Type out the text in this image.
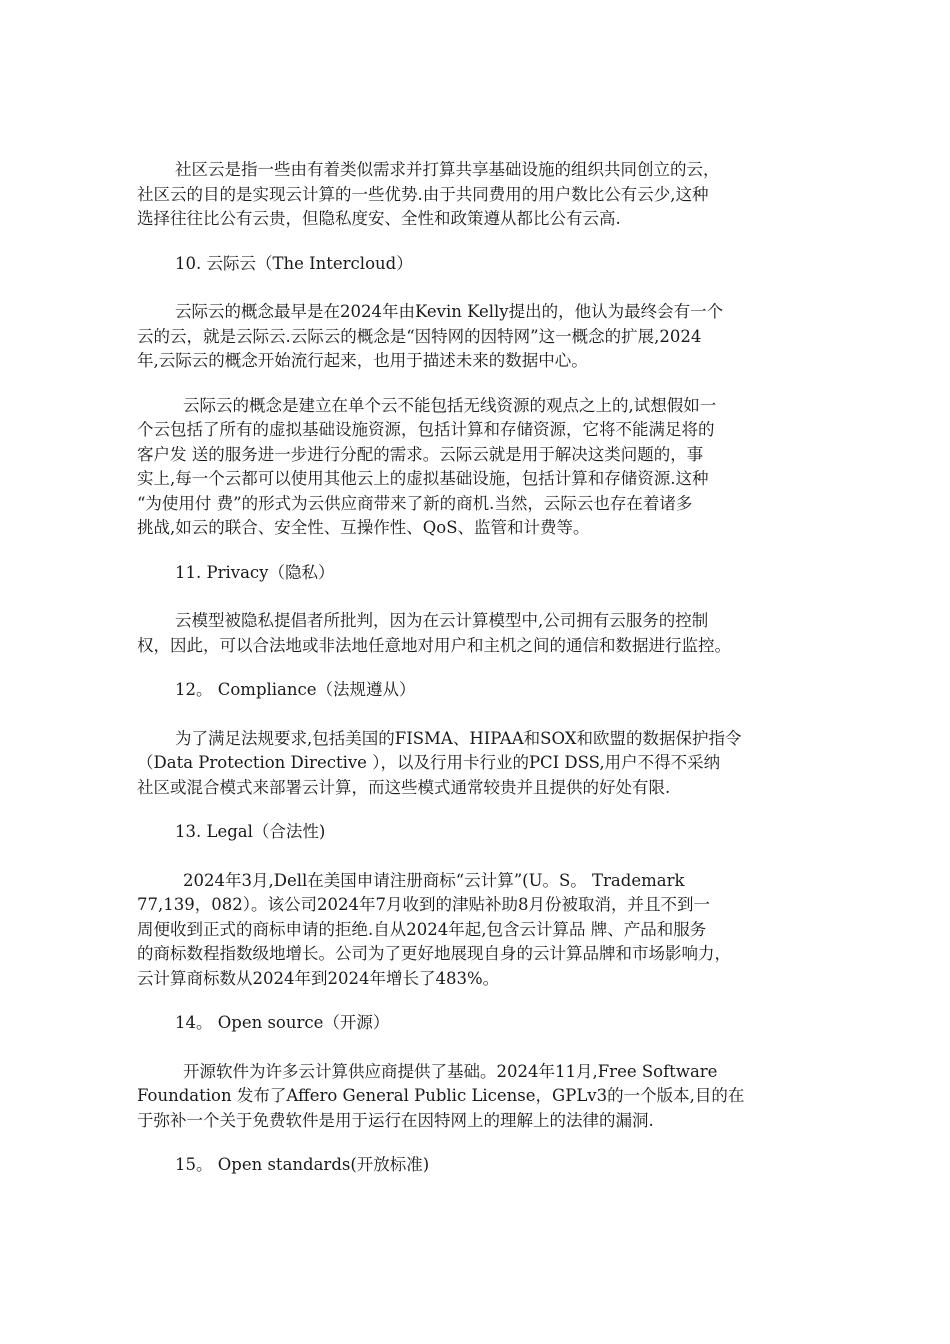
社区云是指一些由有着类似需求并打算共享基础设施的组织共同创立的云，
社区云的目的是实现云计算的一些优势.由于共同费用的用户数比公有云少,这种
选择往往比公有云贵，但隐私度安、全性和政策遵从都比公有云高.

10. 云际云（The Intercloud）

云际云的概念最早是在2024年由Kevin Kelly提出的，他认为最终会有一个
云的云，就是云际云.云际云的概念是“因特网的因特网”这一概念的扩展,2024
年,云际云的概念开始流行起来，也用于描述未来的数据中心。

云际云的概念是建立在单个云不能包括无线资源的观点之上的,试想假如一
个云包括了所有的虚拟基础设施资源，包括计算和存储资源，它将不能满足将的
客户发 送的服务进一步进行分配的需求。云际云就是用于解决这类问题的，事
实上,每一个云都可以使用其他云上的虚拟基础设施，包括计算和存储资源.这种
“为使用付 费”的形式为云供应商带来了新的商机.当然，云际云也存在着诸多
挑战,如云的联合、安全性、互操作性、QoS、监管和计费等。

11. Privacy（隐私）

云模型被隐私提倡者所批判，因为在云计算模型中,公司拥有云服务的控制
权，因此，可以合法地或非法地任意地对用户和主机之间的通信和数据进行监控。

12。 Compliance（法规遵从）

为了满足法规要求,包括美国的FISMA、HIPAA和SOX和欧盟的数据保护指令
（Data Protection Directive ），以及行用卡行业的PCI DSS,用户不得不采纳
社区或混合模式来部署云计算，而这些模式通常较贵并且提供的好处有限.

13. Legal（合法性)

2024年3月,Dell在美国申请注册商标“云计算”(U。S。 Trademark
77,139，082）。该公司2024年7月收到的津贴补助8月份被取消，并且不到一
周便收到正式的商标申请的拒绝.自从2024年起,包含云计算品 牌、产品和服务
的商标数程指数级地增长。公司为了更好地展现自身的云计算品牌和市场影响力，
云计算商标数从2024年到2024年增长了483%。

14。 Open source（开源）

开源软件为许多云计算供应商提供了基础。2024年11月,Free Software
Foundation 发布了Affero General Public License，GPLv3的一个版本,目的在
于弥补一个关于免费软件是用于运行在因特网上的理解上的法律的漏洞.

15。 Open standards(开放标准)
